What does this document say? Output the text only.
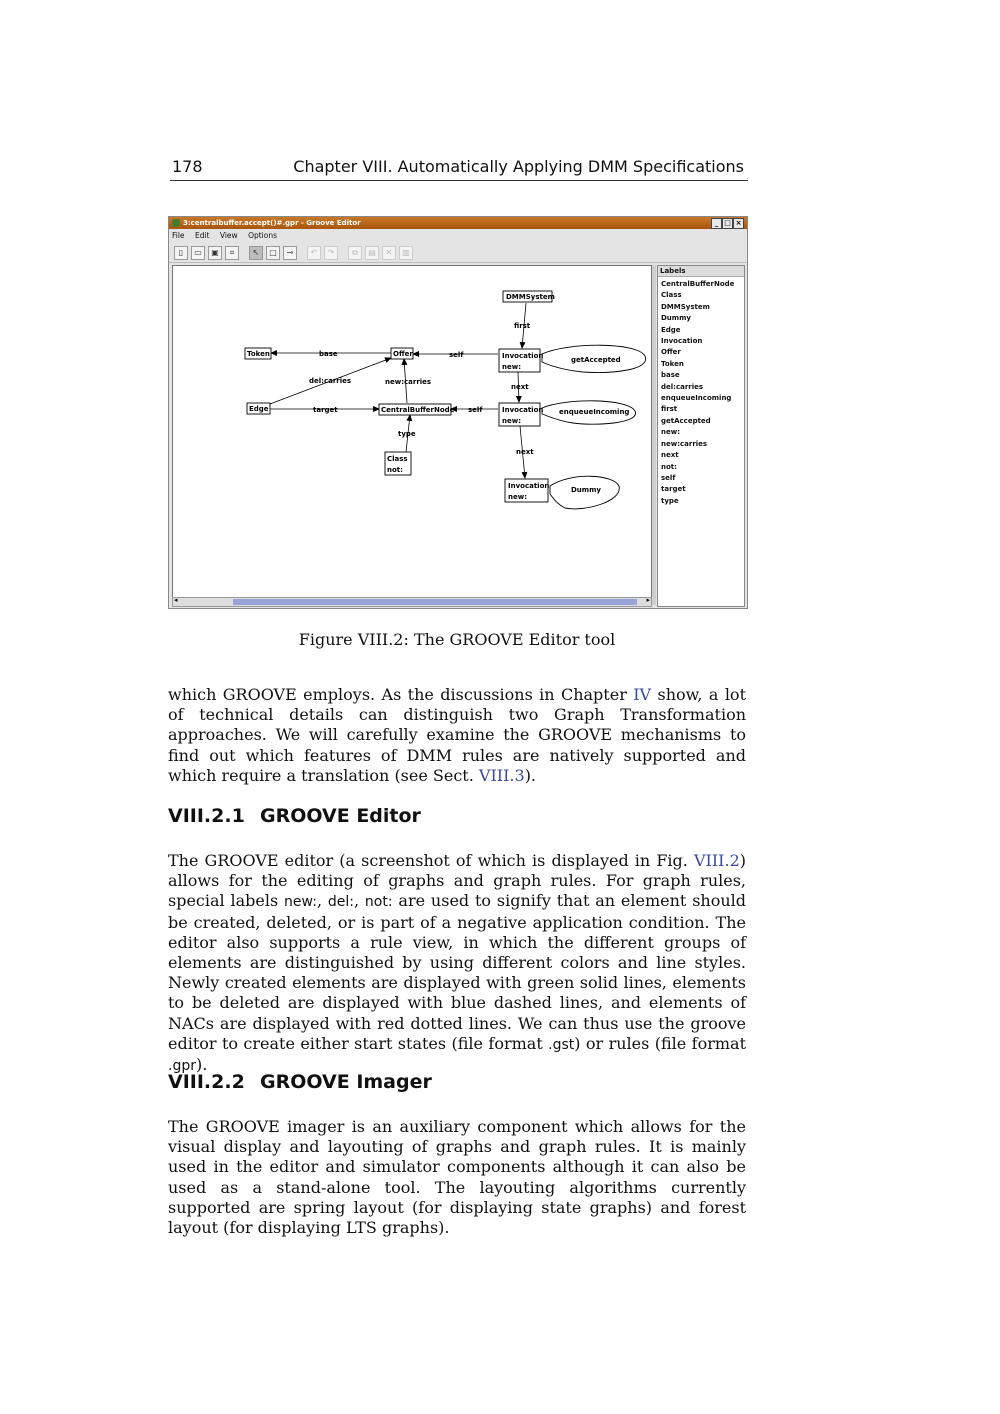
178	Chapter VIII. Automatically Applying DMM Specifications
3:centralbuffer.accept()#.gpr - Groove Editor	_ □ ×
File Edit View Options
▯	▭	▣	⌗	↖	□	⊸	↶	↷	⧉	▤	✕	▥
getAccepted
enqueueIncoming
Dummy
first
base	self
del:carries	new:carries
next
target	self
type
next
DMMSystem
Token	Offer	Invocation
new:
Edge	CentralBufferNode	Invocation
new:
Class
not:
Invocation
new:
◂	▸
Labels
CentralBufferNode
Class
DMMSystem
Dummy
Edge
Invocation
Offer
Token
base
del:carries
enqueueIncoming
first
getAccepted
new:
new:carries
next
not:
self
target
type
Figure VIII.2: The GROOVE Editor tool

which GROOVE employs. As the discussions in Chapter IV show, a lot of technical details can distinguish two Graph Transformation approaches. We will carefully examine the GROOVE mechanisms to find out which features of DMM rules are natively supported and which require a translation (see Sect. VIII.3).

VIII.2.1 GROOVE Editor

The GROOVE editor (a screenshot of which is displayed in Fig. VIII.2) allows for the editing of graphs and graph rules. For graph rules, special labels new:, del:, not: are used to signify that an element should be created, deleted, or is part of a negative application condition. The editor also supports a rule view, in which the different groups of elements are distinguished by using different colors and line styles. Newly created elements are displayed with green solid lines, elements to be deleted are displayed with blue dashed lines, and elements of NACs are displayed with red dotted lines. We can thus use the groove editor to create either start states (file format .gst) or rules (file format .gpr).

VIII.2.2 GROOVE Imager

The GROOVE imager is an auxiliary component which allows for the visual display and layouting of graphs and graph rules. It is mainly used in the editor and simulator components although it can also be used as a stand-alone tool. The layouting algorithms currently supported are spring layout (for displaying state graphs) and forest layout (for displaying LTS graphs).
